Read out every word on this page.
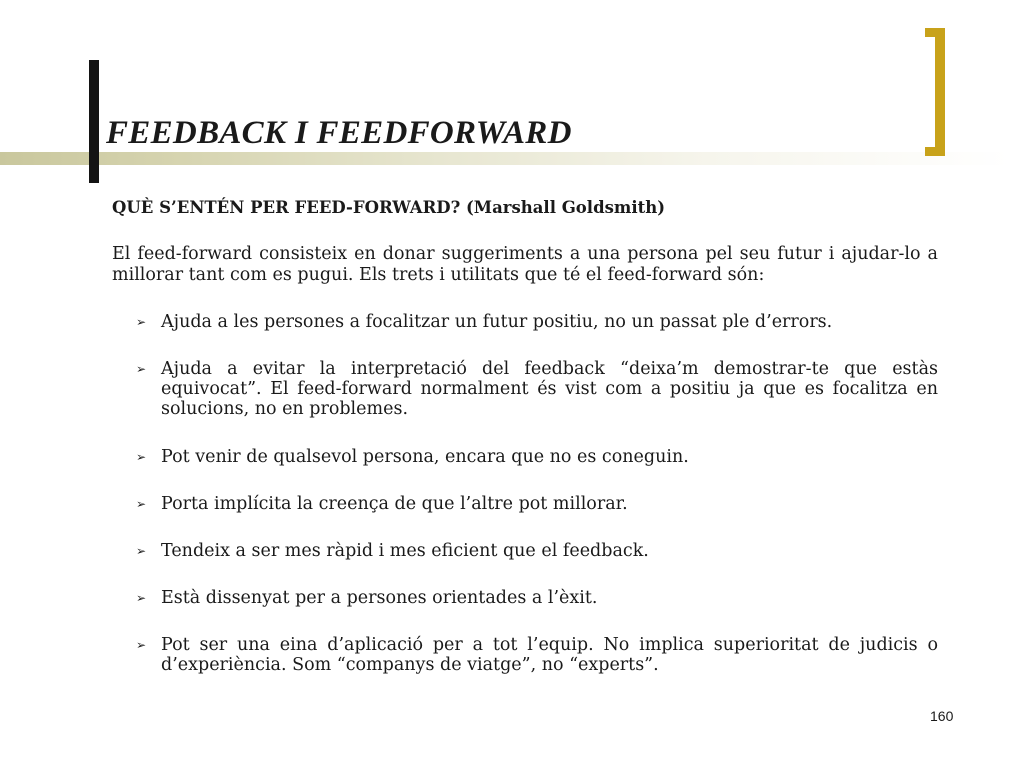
FEEDBACK I FEEDFORWARD

QUÈ S’ENTÉN PER FEED-FORWARD? (Marshall Goldsmith)

El feed-forward consisteix en donar suggeriments a una persona pel seu futur i ajudar-lo a millorar tant com es pugui. Els trets i utilitats que té el feed-forward són:

➢ Ajuda a les persones a focalitzar un futur positiu, no un passat ple d’errors.
➢ Ajuda a evitar la interpretació del feedback “deixa’m demostrar-te que estàs equivocat”. El feed-forward normalment és vist com a positiu ja que es focalitza en solucions, no en problemes.
➢ Pot venir de qualsevol persona, encara que no es coneguin.
➢ Porta implícita la creença de que l’altre pot millorar.
➢ Tendeix a ser mes ràpid i mes eficient que el feedback.
➢ Està dissenyat per a persones orientades a l’èxit.
➢ Pot ser una eina d’aplicació per a tot l’equip. No implica superioritat de judicis o d’experiència. Som “companys de viatge”, no “experts”.
160
